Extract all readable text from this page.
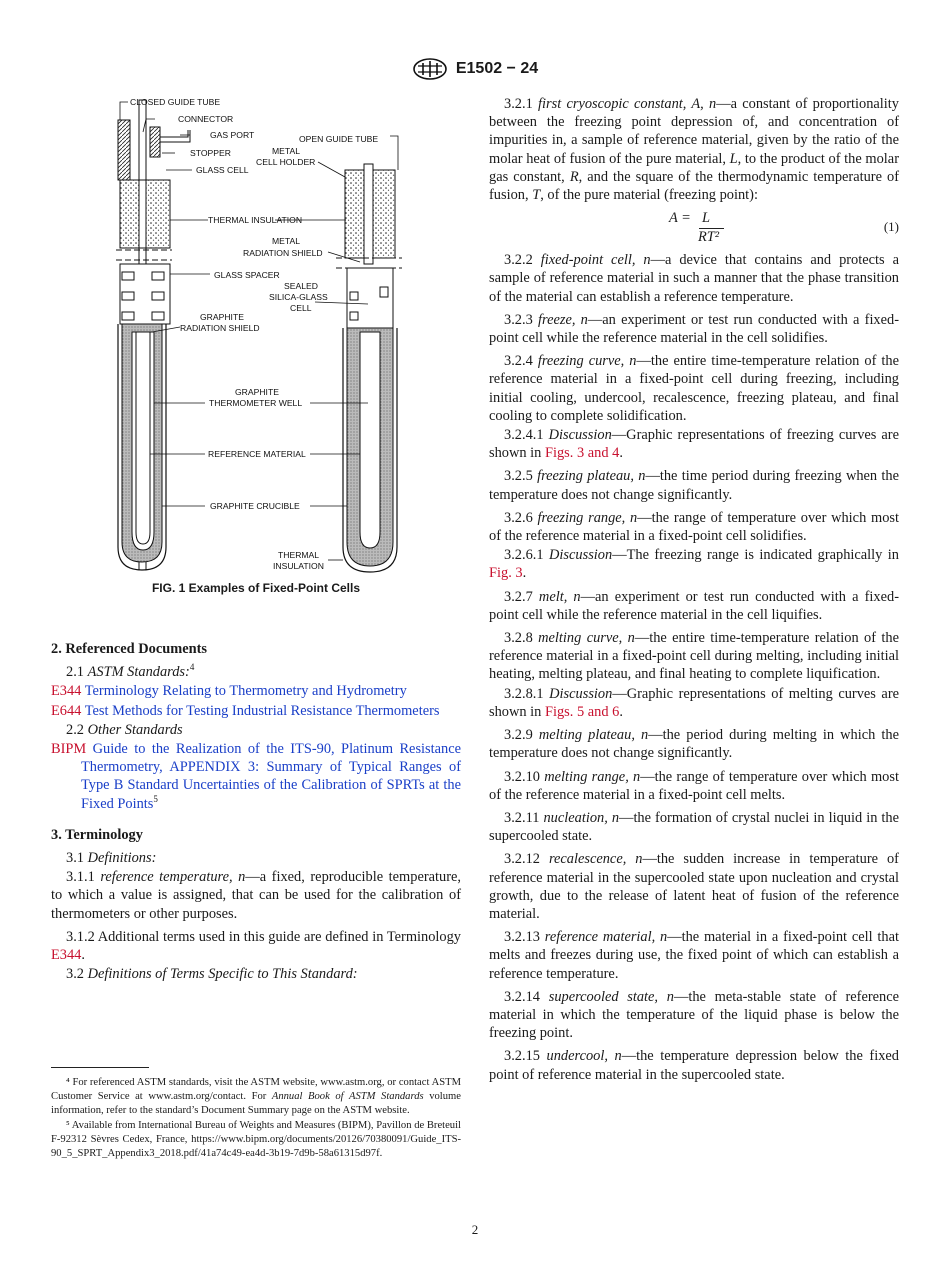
E1502 − 24
CLOSED GUIDE TUBE
CONNECTOR
GAS PORT
STOPPER
GLASS CELL
OPEN GUIDE TUBE
METAL
CELL HOLDER
THERMAL INSULATION
METAL
RADIATION SHIELD
GLASS SPACER
SEALED
SILICA-GLASS
CELL
GRAPHITE
RADIATION SHIELD
GRAPHITE
THERMOMETER WELL
REFERENCE MATERIAL
GRAPHITE CRUCIBLE
THERMAL
INSULATION
FIG. 1 Examples of Fixed-Point Cells
2. Referenced Documents
2.1 ASTM Standards:$^4$
E344 Terminology Relating to Thermometry and Hydrometry
E644 Test Methods for Testing Industrial Resistance Thermometers
2.2 Other Standards
BIPM Guide to the Realization of the ITS-90, Platinum Resistance Thermometry, APPENDIX 3: Summary of Typical Ranges of Type B Standard Uncertainties of the Calibration of SPRTs at the Fixed Points$^5$
3. Terminology
3.1 Definitions:
3.1.1 reference temperature, n—a fixed, reproducible temperature, to which a value is assigned, that can be used for the calibration of thermometers or other purposes.
3.1.2 Additional terms used in this guide are defined in Terminology E344.
3.2 Definitions of Terms Specific to This Standard:
⁴ For referenced ASTM standards, visit the ASTM website, www.astm.org, or contact ASTM Customer Service at www.astm.org/contact. For Annual Book of ASTM Standards volume information, refer to the standard’s Document Summary page on the ASTM website.
⁵ Available from International Bureau of Weights and Measures (BIPM), Pavillon de Breteuil F-92312 Sèvres Cedex, France, https://www.bipm.org/documents/20126/70380091/Guide_ITS-90_5_SPRT_Appendix3_2018.pdf/41a74c49-ea4d-3b19-7d9b-58a61315d97f.
3.2.1 first cryoscopic constant, A, n—a constant of proportionality between the freezing point depression of, and concentration of impurities in, a sample of reference material, given by the ratio of the molar heat of fusion of the pure material, L, to the product of the molar gas constant, R, and the square of the thermodynamic temperature of fusion, T, of the pure material (freezing point):
A = L
RT²
(1)
3.2.2 fixed-point cell, n—a device that contains and protects a sample of reference material in such a manner that the phase transition of the material can establish a reference temperature.
3.2.3 freeze, n—an experiment or test run conducted with a fixed-point cell while the reference material in the cell solidifies.
3.2.4 freezing curve, n—the entire time-temperature relation of the reference material in a fixed-point cell during freezing, including initial cooling, undercool, recalescence, freezing plateau, and final cooling to complete solidification.
3.2.4.1 Discussion—Graphic representations of freezing curves are shown in Figs. 3 and 4.
3.2.5 freezing plateau, n—the time period during freezing when the temperature does not change significantly.
3.2.6 freezing range, n—the range of temperature over which most of the reference material in a fixed-point cell solidifies.
3.2.6.1 Discussion—The freezing range is indicated graphically in Fig. 3.
3.2.7 melt, n—an experiment or test run conducted with a fixed-point cell while the reference material in the cell liquifies.
3.2.8 melting curve, n—the entire time-temperature relation of the reference material in a fixed-point cell during melting, including initial heating, melting plateau, and final heating to complete liquification.
3.2.8.1 Discussion—Graphic representations of melting curves are shown in Figs. 5 and 6.
3.2.9 melting plateau, n—the period during melting in which the temperature does not change significantly.
3.2.10 melting range, n—the range of temperature over which most of the reference material in a fixed-point cell melts.
3.2.11 nucleation, n—the formation of crystal nuclei in liquid in the supercooled state.
3.2.12 recalescence, n—the sudden increase in temperature of reference material in the supercooled state upon nucleation and crystal growth, due to the release of latent heat of fusion of the reference material.
3.2.13 reference material, n—the material in a fixed-point cell that melts and freezes during use, the fixed point of which can establish a reference temperature.
3.2.14 supercooled state, n—the meta-stable state of reference material in which the temperature of the liquid phase is below the freezing point.
3.2.15 undercool, n—the temperature depression below the fixed point of reference material in the supercooled state.
2
